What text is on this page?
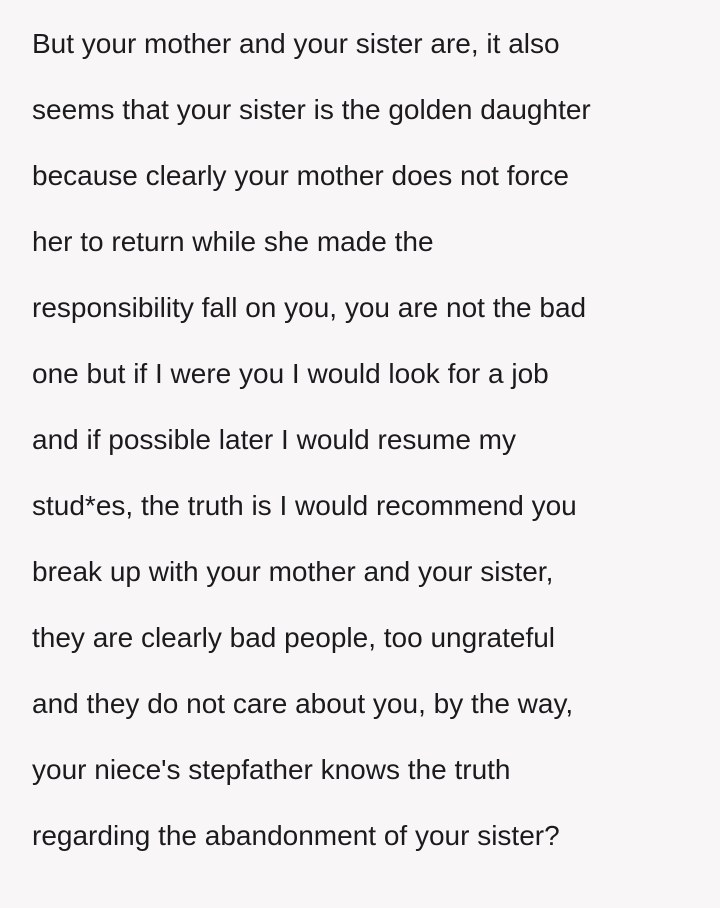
But your mother and your sister are, it also

seems that your sister is the golden daughter

because clearly your mother does not force

her to return while she made the

responsibility fall on you, you are not the bad

one but if I were you I would look for a job

and if possible later I would resume my

stud*es, the truth is I would recommend you

break up with your mother and your sister,

they are clearly bad people, too ungrateful

and they do not care about you, by the way,

your niece's stepfather knows the truth

regarding the abandonment of your sister?
